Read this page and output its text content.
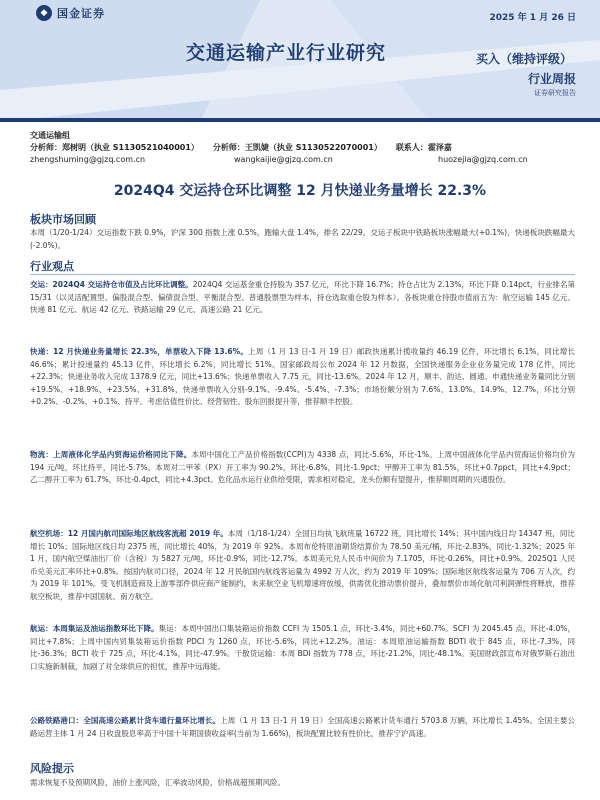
◆ 国金证券	2025 年 1 月 26 日
交通运输产业行业研究	买入（维持评级）
行业周报
证券研究报告
交通运输组
分析师：郑树明（执业 S1130521040001） 分析师：王凯婕（执业 S1130522070001） 联系人：霍泽嘉
zhengshuming@gjzq.com.cn	wangkaijie@gjzq.com.cn	huozejia@gjzq.com.cn
2024Q4 交运持仓环比调整 12 月快递业务量增长 22.3%
板块市场回顾
本周（1/20-1/24）交运指数下跌 0.9%，沪深 300 指数上涨 0.5%，跑输大盘 1.4%，排名 22/29。交运子板块中铁路板块涨幅最大(+0.1%)，快递板块跌幅最大(-2.0%)。
行业观点
交运：2024Q4 交运持仓市值及占比环比调整。2024Q4 交运基金重仓持股为 357 亿元，环比下降 16.7%；持仓占比为 2.13%，环比下降 0.14pct，行业排名第 15/31（以灵活配置型、偏股混合型、偏债混合型、平衡混合型、普通股票型为样本，持仓选取重仓股为样本）。各板块重仓持股市值前五为：航空运输 145 亿元、快递 81 亿元、航运 42 亿元、铁路运输 29 亿元、高速公路 21 亿元。
快递：12 月快递业务量增长 22.3%，单票收入下降 13.6%。上周（1 月 13 日-1 月 19 日）邮政快递累计揽收量约 46.19 亿件，环比增长 6.1%，同比增长 46.6%；累计投递量约 45.13 亿件，环比增长 6.2%，同比增长 51%。国家邮政局公布 2024 年 12 月数据，全国快递服务企业业务量完成 178 亿件，同比+22.3%；快递业务收入完成 1378.9 亿元，同比+13.6%；快递单票收入 7.75 元，同比-13.6%。2024 年 12 月，顺丰、韵达、圆通、申通快递业务量同比分别+19.5%、+18.9%、+23.5%、+31.8%，快递单票收入分别-9.1%、-9.4%、-5.4%、-7.3%；市场份额分别为 7.6%、13.0%、14.9%、12.7%，环比分别+0.2%、-0.2%、+0.1%、持平。考虑估值性价比、经营韧性、股东回报提升等，推荐顺丰控股。
物流：上周液体化学品内贸海运价格同比下降。本周中国化工产品价格指数(CCPI)为 4338 点，同比-5.6%，环比-1%。上周中国液体化学品内贸海运价格均价为 194 元/吨，环比持平，同比-5.7%。本周对二甲苯（PX）开工率为 90.2%，环比-6.8%，同比-1.9pct；甲醇开工率为 81.5%，环比+0.7ppct，同比+4.9pct；乙二醇开工率为 61.7%，环比-0.4pct，同比+4.3pct。危化品水运行业供给受限，需求相对稳定，龙头份额有望提升，推荐顺周期的兴通股份。
航空机场：12 月国内航司国际地区航线客流超 2019 年。本周（1/18-1/24）全国日均执飞航班量 16722 班，同比增长 14%；其中国内线日均 14347 班，同比增长 10%；国际地区线日均 2375 班，同比增长 40%，为 2019 年 92%。本周布伦特原油期货结算价为 78.50 美元/桶，环比-2.83%，同比-1.32%；2025 年 1 月，国内航空煤油出厂价（含税）为 5827 元/吨，环比-0.9%，同比-12.7%。本周美元兑人民币中间价为 7.1705，环比-0.26%，同比+0.9%。2025Q1 人民币兑美元汇率环比+0.8%。按国内航司口径，2024 年 12 月民航国内航线客运量为 4992 万人次，约为 2019 年 109%；国际地区航线客运量为 706 万人次，约为 2019 年 101%。受飞机制造商及上游零部件供应商产能制约，未来航空业飞机增速将放缓，供需优化推动票价提升，叠加票价市场化航司利润弹性将释放，推荐航空板块，推荐中国国航、南方航空。
航运：本周集运及油运指数环比下降。集运：本周中国出口集装箱运价指数 CCFI 为 1505.1 点，环比-3.4%，同比+60.7%。SCFI 为 2045.45 点，环比-4.0%，同比+7.8%；上周中国内贸集装箱运价指数 PDCI 为 1260 点，环比-5.6%，同比+12.2%。油运：本周原油运输指数 BDTI 收于 845 点，环比-7.3%，同比-36.3%；BCTI 收于 725 点，环比-4.1%，同比-47.9%。干散货运输：本周 BDI 指数为 778 点，环比-21.2%，同比-48.1%。美国财政部宣布对俄罗斯石油出口实施新制裁，加剧了对全球供应的担忧，推荐中远海能。
公路铁路港口：全国高速公路累计货车通行量环比增长。上周（1 月 13 日-1 月 19 日）全国高速公路累计货车通行 5703.8 万辆，环比增长 1.45%。全国主要公路运营主体 1 月 24 日收盘股息率高于中国十年期国债收益率(当前为 1.66%)，板块配置比较有性价比，推荐宁沪高速。
风险提示
需求恢复不及预期风险，油价上涨风险，汇率波动风险，价格战超预期风险。
